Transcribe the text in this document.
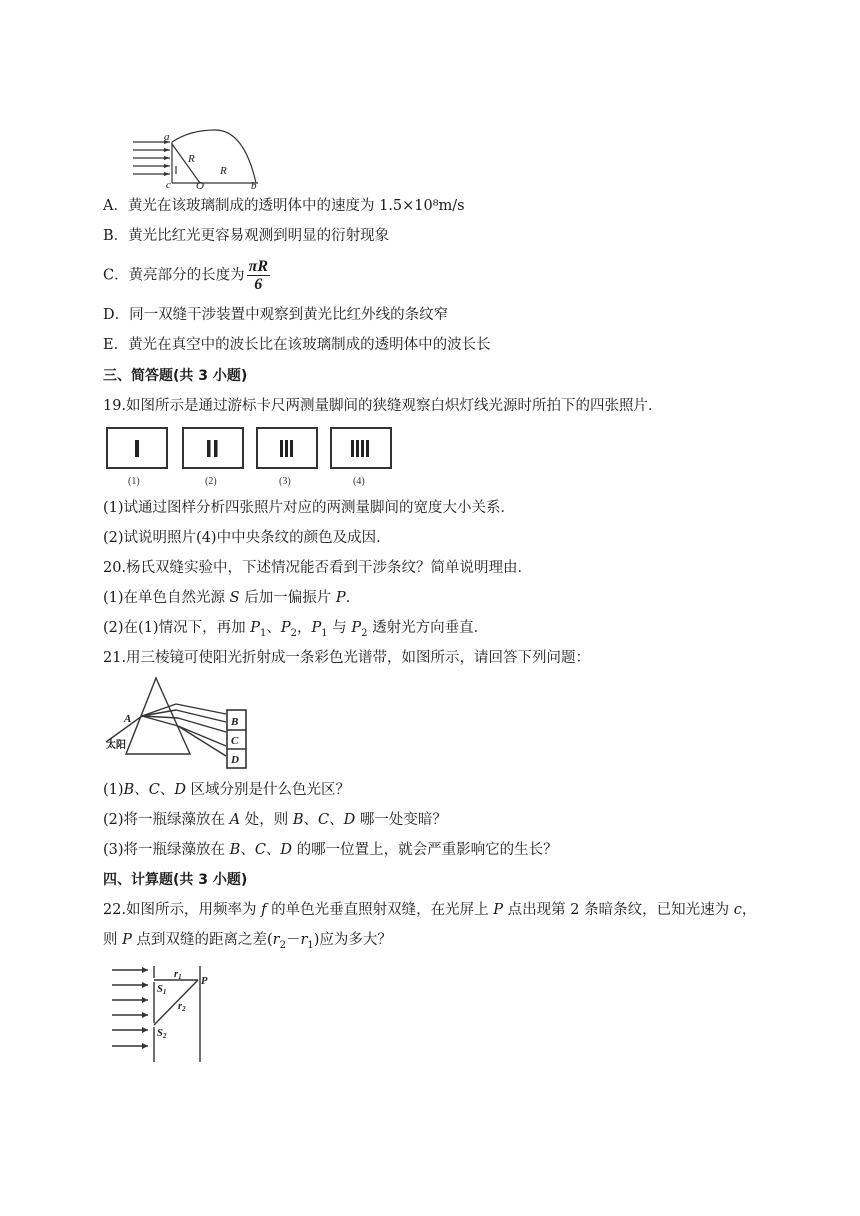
a
R
R
c O	b
A．黄光在该玻璃制成的透明体中的速度为 1.5×10⁸m/s
B．黄光比红光更容易观测到明显的衍射现象
C．黄亮部分的长度为 $\frac{\pi R}{6}$
D．同一双缝干涉装置中观察到黄光比红外线的条纹窄
E．黄光在真空中的波长比在该玻璃制成的透明体中的波长长
三、简答题(共 3 小题)
19.如图所示是通过游标卡尺两测量脚间的狭缝观察白炽灯线光源时所拍下的四张照片．
(1)	(2)	(3)	(4)
(1)试通过图样分析四张照片对应的两测量脚间的宽度大小关系．
(2)试说明照片(4)中中央条纹的颜色及成因．
20.杨氏双缝实验中，下述情况能否看到干涉条纹？简单说明理由．
(1)在单色自然光源 S 后加一偏振片 P.
(2)在(1)情况下，再加 $P_1$、$P_2$，$P_1$ 与 $P_2$ 透射光方向垂直．
21.用三棱镜可使阳光折射成一条彩色光谱带，如图所示，请回答下列问题：
A	B
C
D
太阳
(1)B、C、D 区域分别是什么色光区？
(2)将一瓶绿藻放在 A 处，则 B、C、D 哪一处变暗？
(3)将一瓶绿藻放在 B、C、D 的哪一位置上，就会严重影响它的生长？
四、计算题(共 3 小题)
22.如图所示，用频率为 f 的单色光垂直照射双缝，在光屏上 P 点出现第 2 条暗条纹，已知光速为 c，
则 P 点到双缝的距离之差$(r_2-r_1)$应为多大？
S1
S2
r1
r2
P
